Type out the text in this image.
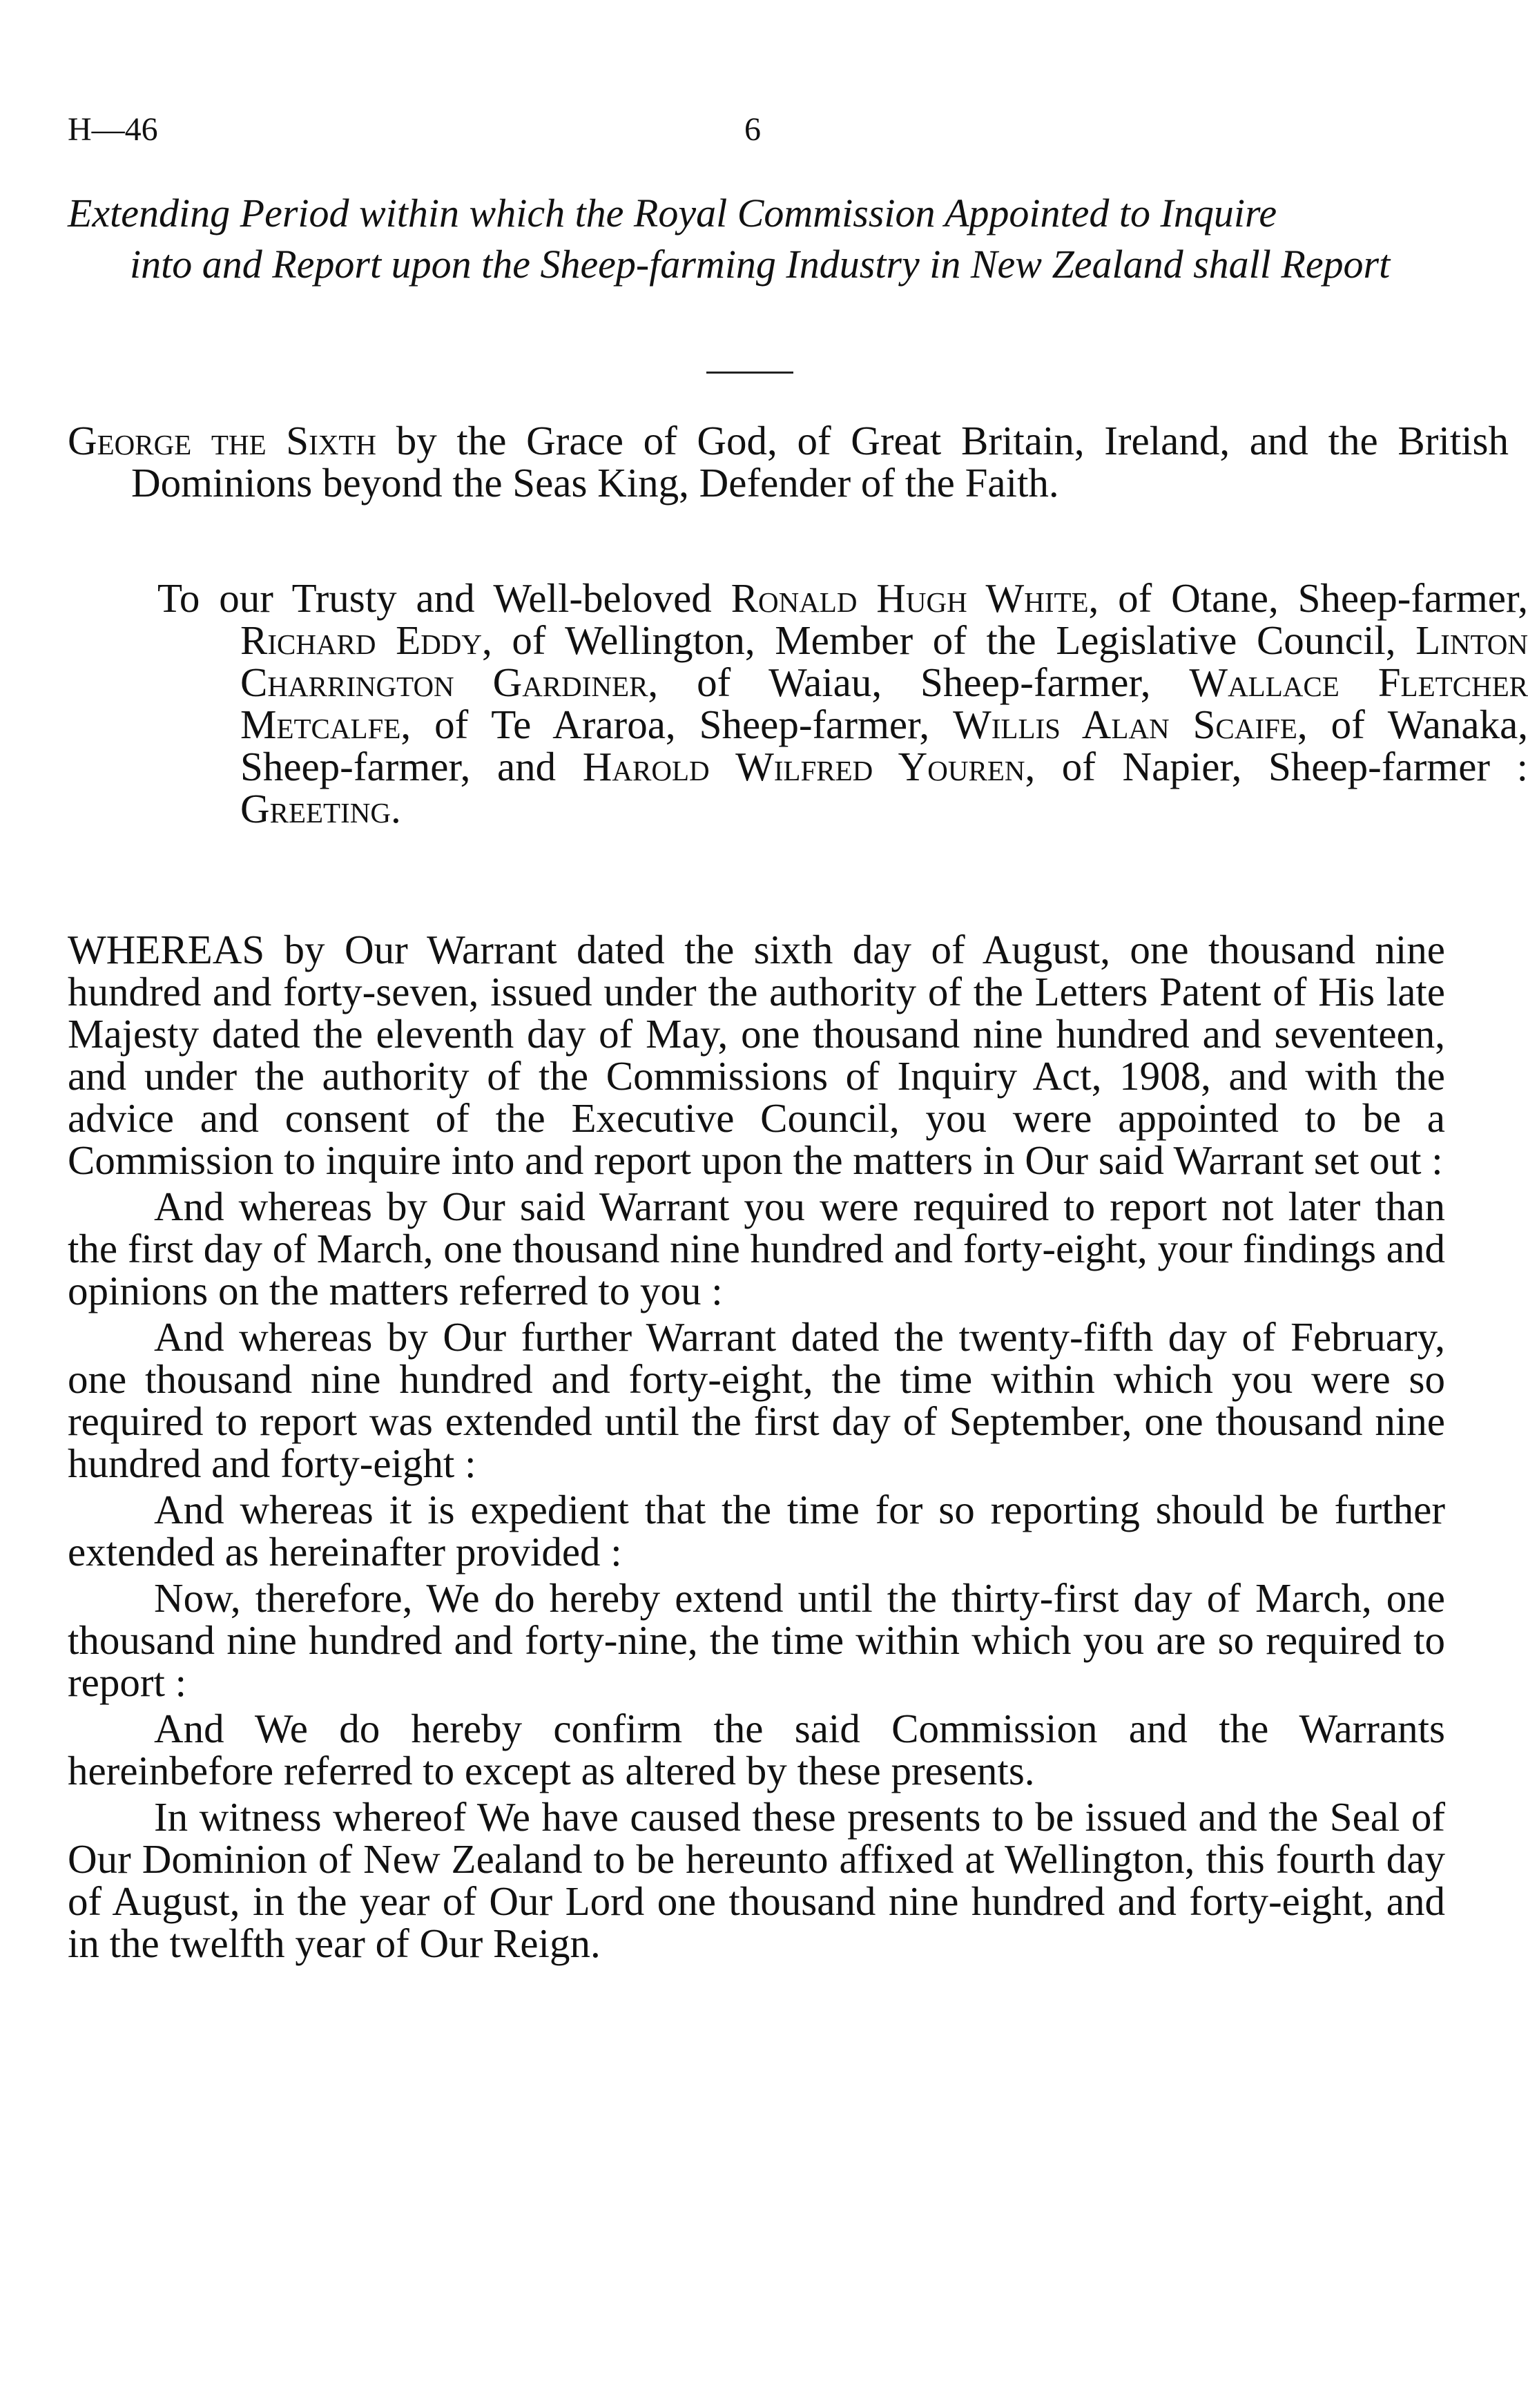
H—46	6
Extending Period within which the Royal Commission Appointed to Inquire
into and Report upon the Sheep-farming Industry in New Zealand shall Report
George the Sixth by the Grace of God, of Great Britain, Ireland, and the British Dominions beyond the Seas King, Defender of the Faith.
To our Trusty and Well-beloved Ronald Hugh White, of Otane, Sheep-farmer, Richard Eddy, of Wellington, Member of the Legislative Council, Linton Charrington Gardiner, of Waiau, Sheep-farmer, Wallace Fletcher Metcalfe, of Te Araroa, Sheep-farmer, Willis Alan Scaife, of Wanaka, Sheep-farmer, and Harold Wilfred Youren, of Napier, Sheep-farmer : Greeting.

WHEREAS by Our Warrant dated the sixth day of August, one thousand nine hundred and forty-seven, issued under the authority of the Letters Patent of His late Majesty dated the eleventh day of May, one thousand nine hundred and seventeen, and under the authority of the Commissions of Inquiry Act, 1908, and with the advice and consent of the Executive Council, you were appointed to be a Commission to inquire into and report upon the matters in Our said Warrant set out :

And whereas by Our said Warrant you were required to report not later than the first day of March, one thousand nine hundred and forty-eight, your findings and opinions on the matters referred to you :

And whereas by Our further Warrant dated the twenty-fifth day of February, one thousand nine hundred and forty-eight, the time within which you were so required to report was extended until the first day of September, one thousand nine hundred and forty-eight :

And whereas it is expedient that the time for so reporting should be further extended as hereinafter provided :

Now, therefore, We do hereby extend until the thirty-first day of March, one thousand nine hundred and forty-nine, the time within which you are so required to report :

And We do hereby confirm the said Commission and the Warrants hereinbefore referred to except as altered by these presents.

In witness whereof We have caused these presents to be issued and the Seal of Our Dominion of New Zealand to be hereunto affixed at Wellington, this fourth day of August, in the year of Our Lord one thousand nine hundred and forty-eight, and in the twelfth year of Our Reign.
